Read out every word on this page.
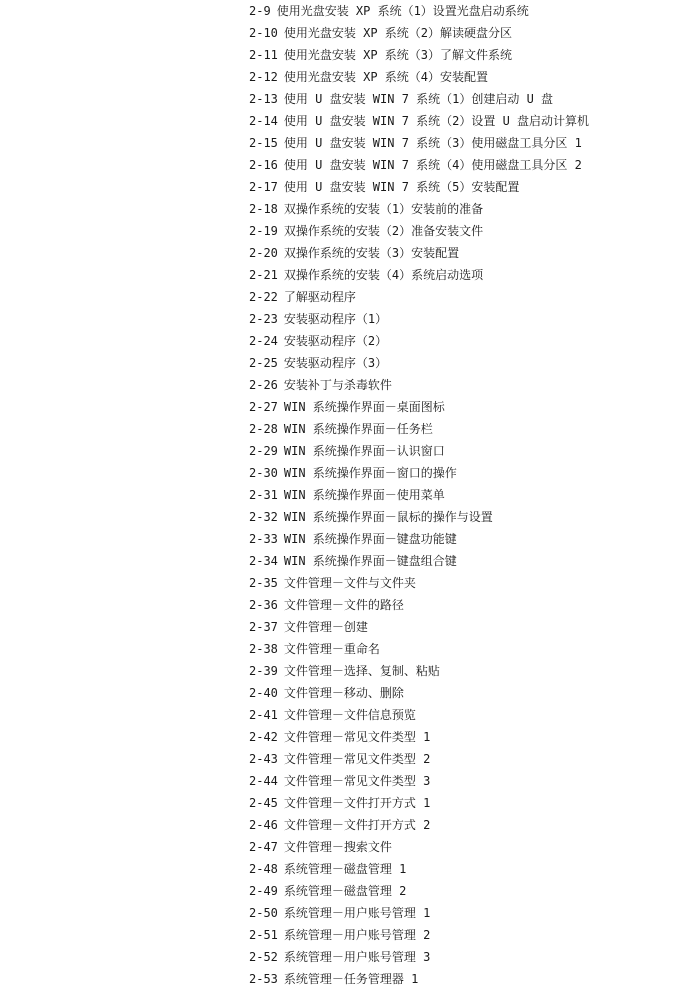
2-9 使用光盘安装 XP 系统（1）设置光盘启动系统
2-10 使用光盘安装 XP 系统（2）解读硬盘分区
2-11 使用光盘安装 XP 系统（3）了解文件系统
2-12 使用光盘安装 XP 系统（4）安装配置
2-13 使用 U 盘安装 WIN 7 系统（1）创建启动 U 盘
2-14 使用 U 盘安装 WIN 7 系统（2）设置 U 盘启动计算机
2-15 使用 U 盘安装 WIN 7 系统（3）使用磁盘工具分区 1
2-16 使用 U 盘安装 WIN 7 系统（4）使用磁盘工具分区 2
2-17 使用 U 盘安装 WIN 7 系统（5）安装配置
2-18 双操作系统的安装（1）安装前的准备
2-19 双操作系统的安装（2）准备安装文件
2-20 双操作系统的安装（3）安装配置
2-21 双操作系统的安装（4）系统启动选项
2-22 了解驱动程序
2-23 安装驱动程序（1）
2-24 安装驱动程序（2）
2-25 安装驱动程序（3）
2-26 安装补丁与杀毒软件
2-27 WIN 系统操作界面－桌面图标
2-28 WIN 系统操作界面－任务栏
2-29 WIN 系统操作界面－认识窗口
2-30 WIN 系统操作界面－窗口的操作
2-31 WIN 系统操作界面－使用菜单
2-32 WIN 系统操作界面－鼠标的操作与设置
2-33 WIN 系统操作界面－键盘功能键
2-34 WIN 系统操作界面－键盘组合键
2-35 文件管理－文件与文件夹
2-36 文件管理－文件的路径
2-37 文件管理－创建
2-38 文件管理－重命名
2-39 文件管理－选择、复制、粘贴
2-40 文件管理－移动、删除
2-41 文件管理－文件信息预览
2-42 文件管理－常见文件类型 1
2-43 文件管理－常见文件类型 2
2-44 文件管理－常见文件类型 3
2-45 文件管理－文件打开方式 1
2-46 文件管理－文件打开方式 2
2-47 文件管理－搜索文件
2-48 系统管理－磁盘管理 1
2-49 系统管理－磁盘管理 2
2-50 系统管理－用户账号管理 1
2-51 系统管理－用户账号管理 2
2-52 系统管理－用户账号管理 3
2-53 系统管理－任务管理器 1
